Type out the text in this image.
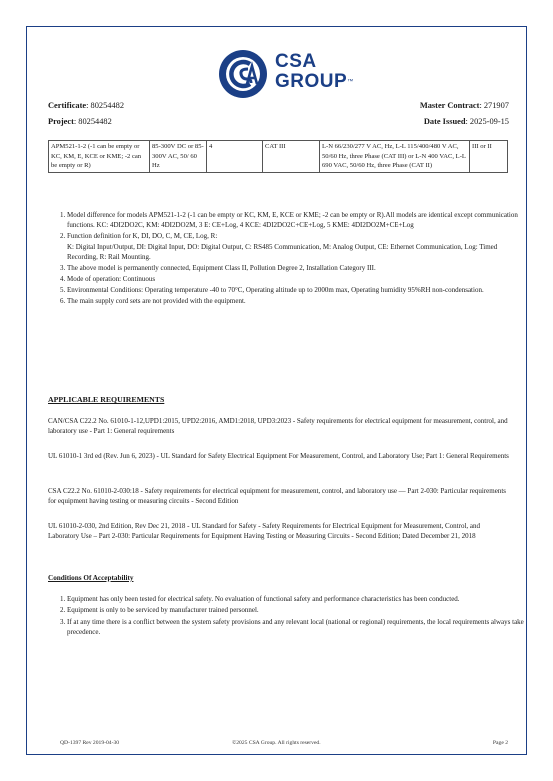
CSA
GROUP™
Certificate: 80254482
Project: 80254482
Master Contract: 271907
Date Issued: 2025-09-15
APM521-1-2 (-1 can be empty or KC, KM, E, KCE or KME; -2 can be empty or R)	85-300V DC or 85-300V AC, 50/ 60 Hz	4	CAT III	L-N 66/230/277 V AC, Hz, L-L 115/400/480 V AC, 50/60 Hz, three Phase (CAT III) or L-N 400 VAC, L-L 690 VAC, 50/60 Hz, three Phase (CAT II)	III or II
1. Model difference for models APM521-1-2 (-1 can be empty or KC, KM, E, KCE or KME; -2 can be empty or R).All models are identical except communication functions. KC: 4DI2DO2C, KM: 4DI2DO2M, 3 E: CE+Log, 4 KCE: 4DI2DO2C+CE+Log, 5 KME: 4DI2DO2M+CE+Log
2. Function definition for K, DI, DO, C, M, CE, Log, R:
K: Digital Input/Output, DI: Digital Input, DO: Digital Output, C: RS485 Communication, M: Analog Output, CE: Ethernet Communication, Log: Timed Recording, R: Rail Mounting.
3. The above model is permanently connected, Equipment Class II, Pollution Degree 2, Installation Category III.
4. Mode of operation: Continuous
5. Environmental Conditions: Operating temperature -40 to 70°C, Operating altitude up to 2000m max, Operating humidity 95%RH non-condensation.
6. The main supply cord sets are not provided with the equipment.
APPLICABLE REQUIREMENTS

CAN/CSA C22.2 No. 61010-1-12,UPD1:2015, UPD2:2016, AMD1:2018, UPD3:2023 - Safety requirements for electrical equipment for measurement, control, and laboratory use - Part 1: General requirements

UL 61010-1 3rd ed (Rev. Jun 6, 2023) - UL Standard for Safety Electrical Equipment For Measurement, Control, and Laboratory Use; Part 1: General Requirements

CSA C22.2 No. 61010-2-030:18 - Safety requirements for electrical equipment for measurement, control, and laboratory use — Part 2-030: Particular requirements for equipment having testing or measuring circuits - Second Edition

UL 61010-2-030, 2nd Edition, Rev Dec 21, 2018 - UL Standard for Safety - Safety Requirements for Electrical Equipment for Measurement, Control, and Laboratory Use – Part 2-030: Particular Requirements for Equipment Having Testing or Measuring Circuits - Second Edition; Dated December 21, 2018

Conditions Of Acceptability
1. Equipment has only been tested for electrical safety. No evaluation of functional safety and performance characteristics has been conducted.
2. Equipment is only to be serviced by manufacturer trained personnel.
3. If at any time there is a conflict between the system safety provisions and any relevant local (national or regional) requirements, the local requirements always take precedence.
QD-1397 Rev 2019-04-30	©2025 CSA Group. All rights reserved.	Page 2
